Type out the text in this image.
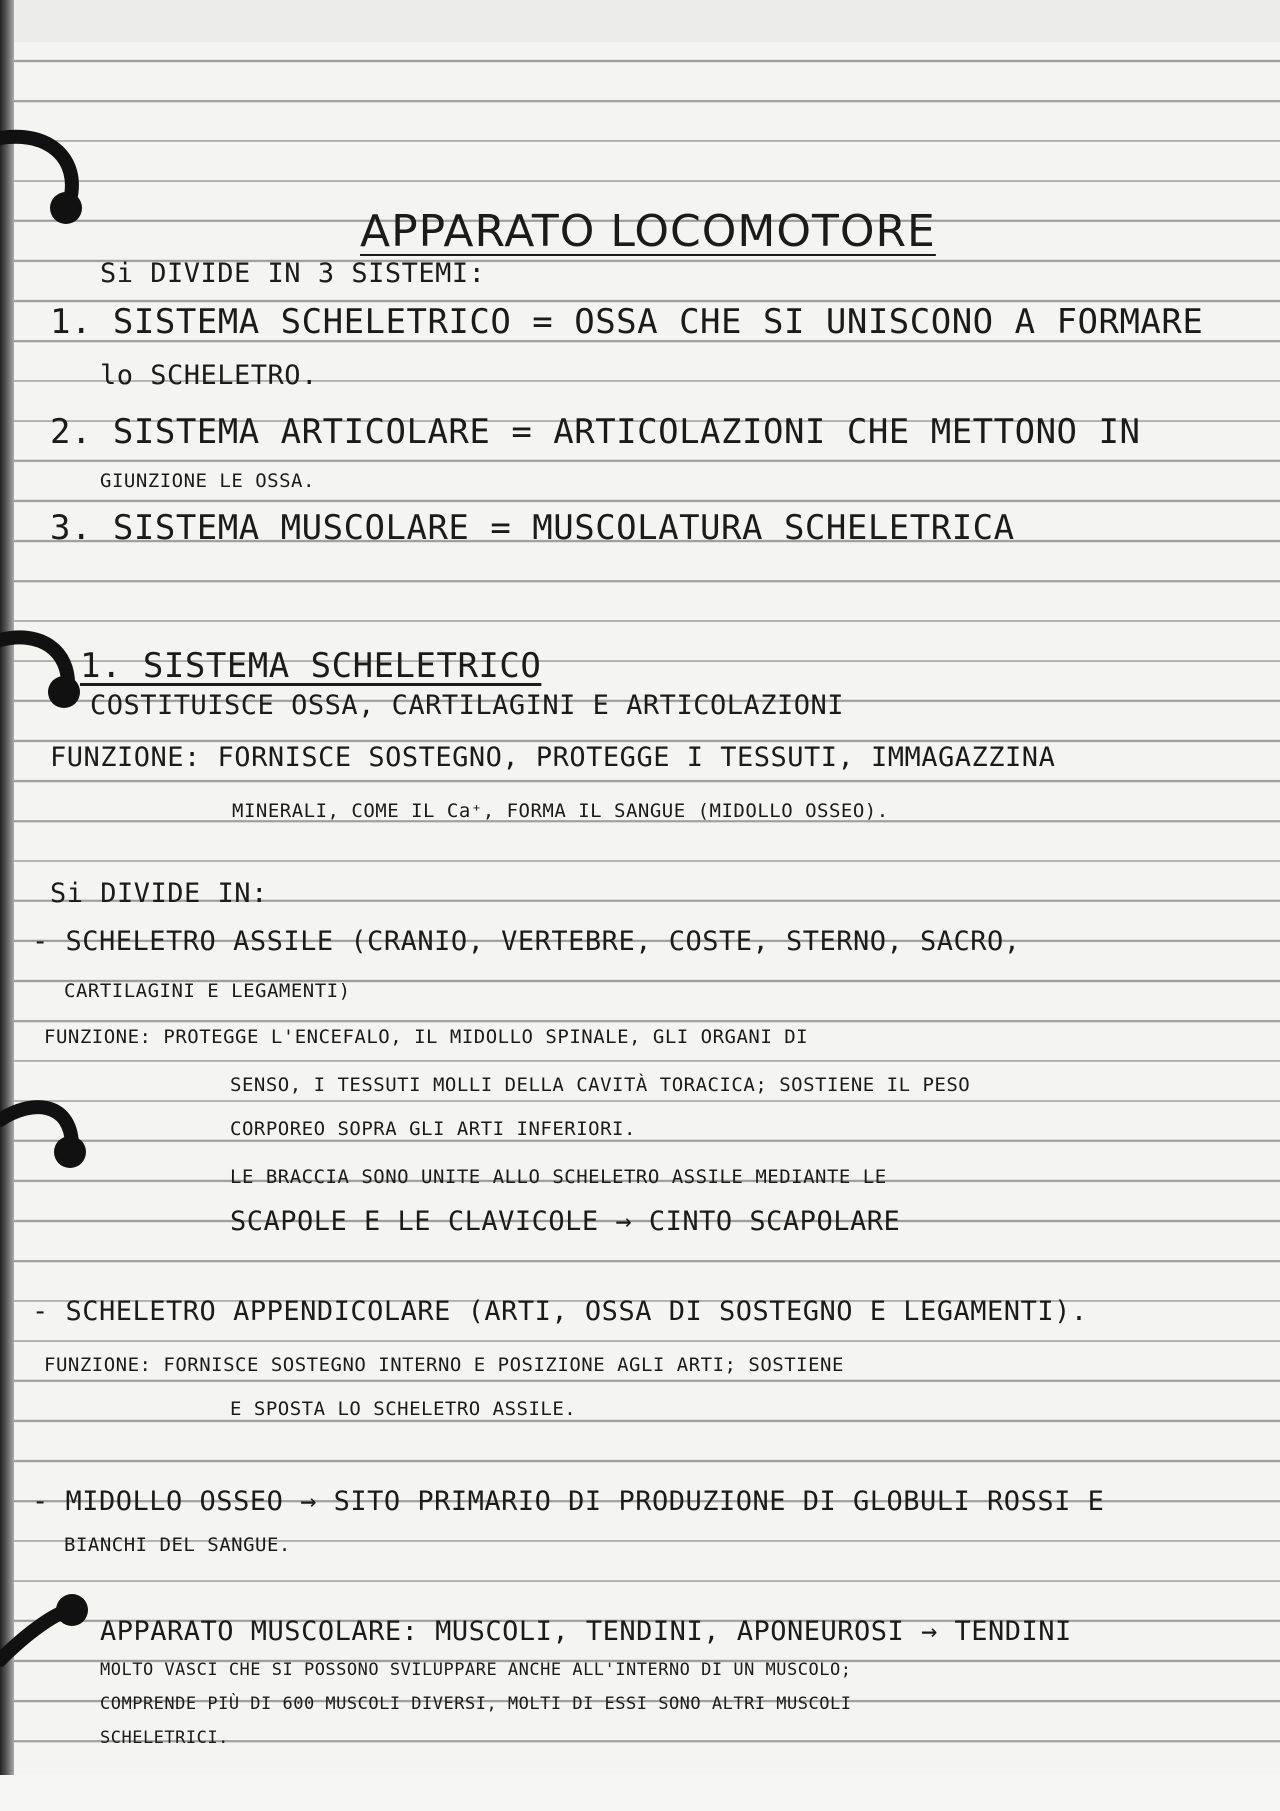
APPARATO LOCOMOTORE
Si DIVIDE IN 3 SISTEMI:
1. SISTEMA SCHELETRICO = OSSA CHE SI UNISCONO A FORMARE
lo SCHELETRO.
2. SISTEMA ARTICOLARE = ARTICOLAZIONI CHE METTONO IN
GIUNZIONE LE OSSA.
3. SISTEMA MUSCOLARE = MUSCOLATURA SCHELETRICA
1. SISTEMA SCHELETRICO
COSTITUISCE OSSA, CARTILAGINI E ARTICOLAZIONI
FUNZIONE: FORNISCE SOSTEGNO, PROTEGGE I TESSUTI, IMMAGAZZINA
MINERALI, COME IL Ca⁺, FORMA IL SANGUE (MIDOLLO OSSEO).
Si DIVIDE IN:
- SCHELETRO ASSILE (CRANIO, VERTEBRE, COSTE, STERNO, SACRO,
CARTILAGINI E LEGAMENTI)
FUNZIONE: PROTEGGE L'ENCEFALO, IL MIDOLLO SPINALE, GLI ORGANI DI
SENSO, I TESSUTI MOLLI DELLA CAVITÀ TORACICA; SOSTIENE IL PESO
CORPOREO SOPRA GLI ARTI INFERIORI.
LE BRACCIA SONO UNITE ALLO SCHELETRO ASSILE MEDIANTE LE
SCAPOLE E LE CLAVICOLE → CINTO SCAPOLARE
- SCHELETRO APPENDICOLARE (ARTI, OSSA DI SOSTEGNO E LEGAMENTI).
FUNZIONE: FORNISCE SOSTEGNO INTERNO E POSIZIONE AGLI ARTI; SOSTIENE
E SPOSTA LO SCHELETRO ASSILE.
- MIDOLLO OSSEO → SITO PRIMARIO DI PRODUZIONE DI GLOBULI ROSSI E
BIANCHI DEL SANGUE.
APPARATO MUSCOLARE: MUSCOLI, TENDINI, APONEUROSI → TENDINI
MOLTO VASCI CHE SI POSSONO SVILUPPARE ANCHE ALL'INTERNO DI UN MUSCOLO;
COMPRENDE PIÙ DI 600 MUSCOLI DIVERSI, MOLTI DI ESSI SONO ALTRI MUSCOLI
SCHELETRICI.
